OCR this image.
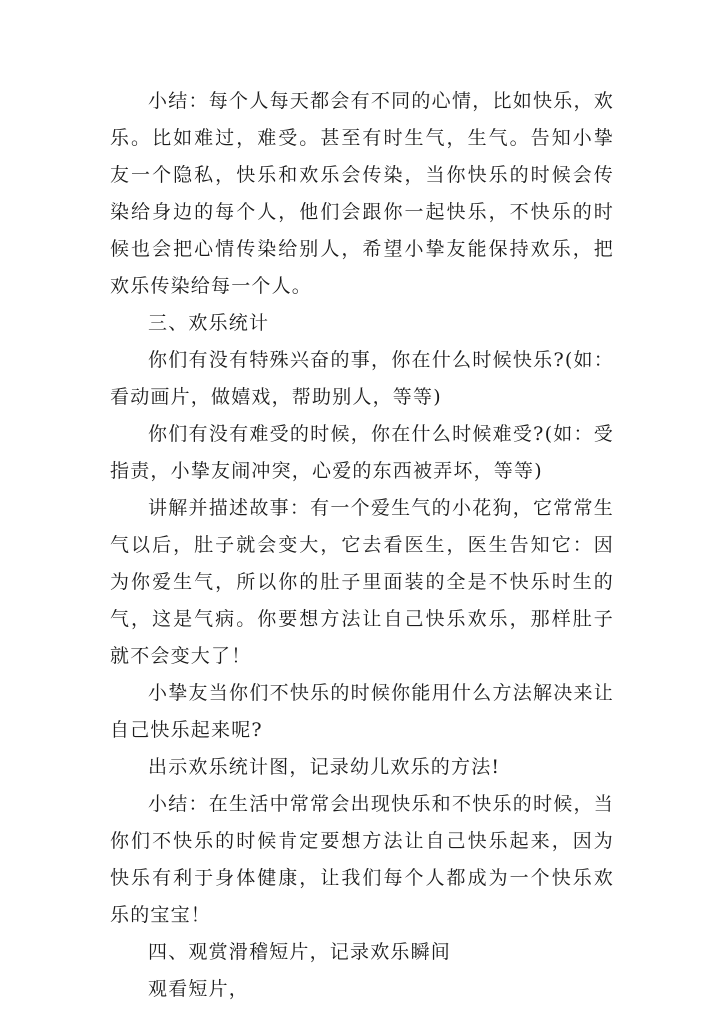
小结：每个人每天都会有不同的心情，比如快乐，欢乐。比如难过，难受。甚至有时生气，生气。告知小挚友一个隐私，快乐和欢乐会传染，当你快乐的时候会传染给身边的每个人，他们会跟你一起快乐，不快乐的时候也会把心情传染给别人，希望小挚友能保持欢乐，把欢乐传染给每一个人。

三、欢乐统计

你们有没有特殊兴奋的事，你在什么时候快乐?(如：看动画片，做嬉戏，帮助别人，等等)

你们有没有难受的时候，你在什么时候难受?(如：受指责，小挚友闹冲突，心爱的东西被弄坏，等等)

讲解并描述故事：有一个爱生气的小花狗，它常常生气以后，肚子就会变大，它去看医生，医生告知它：因为你爱生气，所以你的肚子里面装的全是不快乐时生的气，这是气病。你要想方法让自己快乐欢乐，那样肚子就不会变大了！

小挚友当你们不快乐的时候你能用什么方法解决来让自己快乐起来呢?

出示欢乐统计图，记录幼儿欢乐的方法!

小结：在生活中常常会出现快乐和不快乐的时候，当你们不快乐的时候肯定要想方法让自己快乐起来，因为快乐有利于身体健康，让我们每个人都成为一个快乐欢乐的宝宝！

四、观赏滑稽短片，记录欢乐瞬间

观看短片，
